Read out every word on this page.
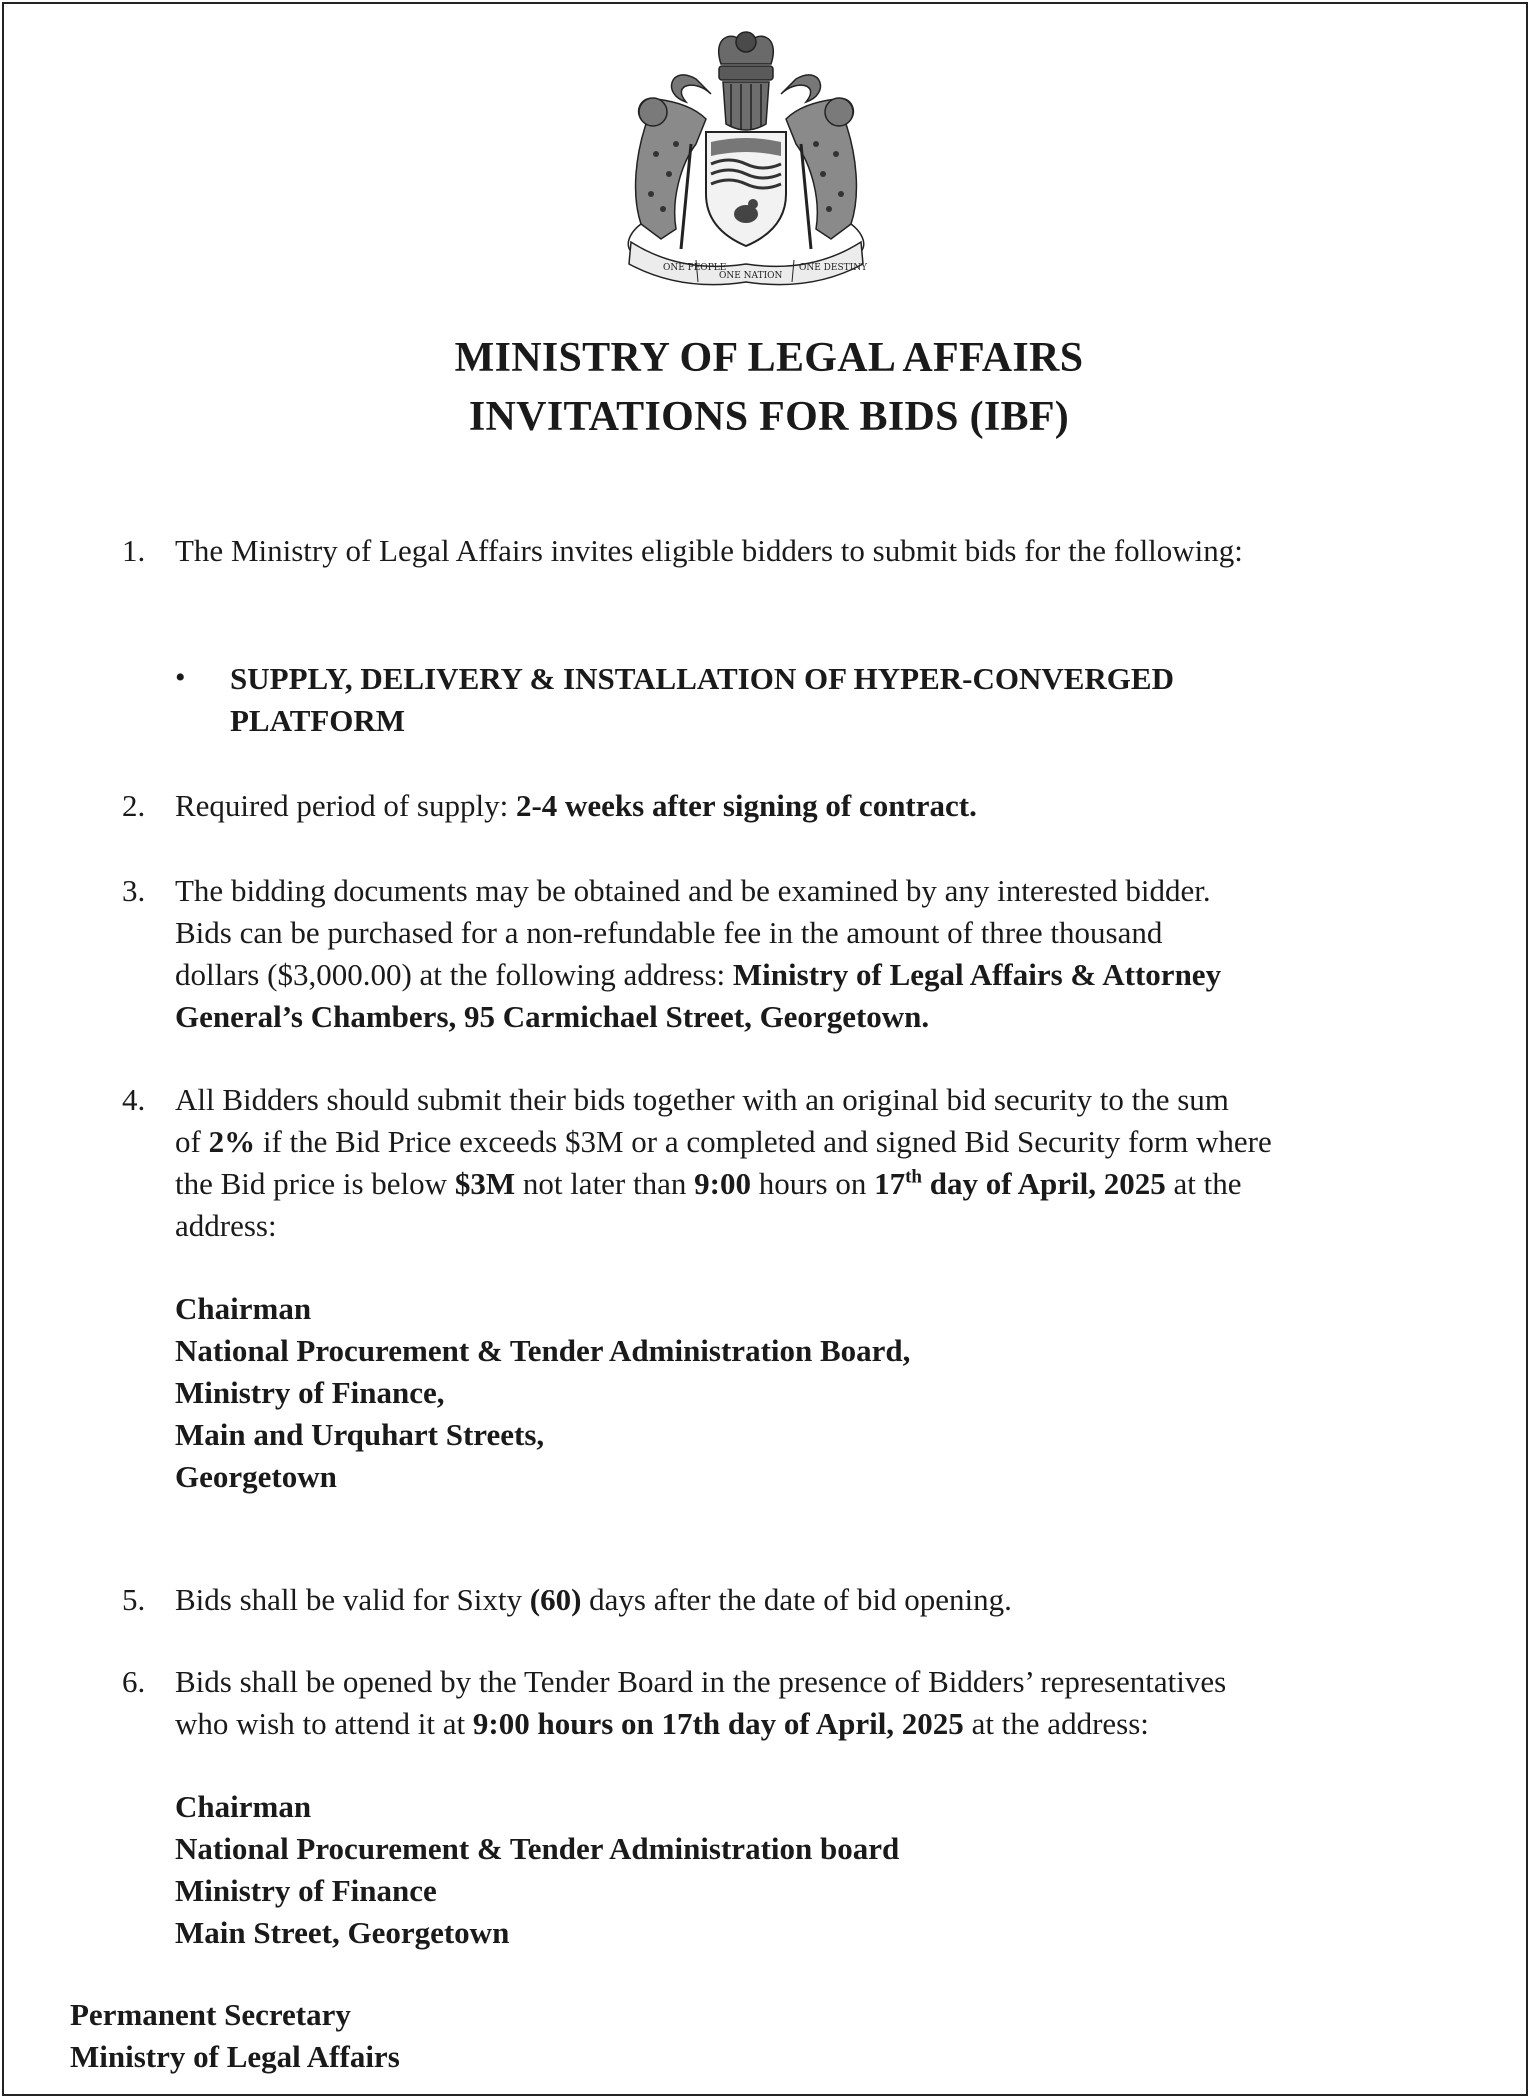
ONE PEOPLE
ONE NATION
ONE DESTINY
MINISTRY OF LEGAL AFFAIRS
INVITATIONS FOR BIDS (IBF)
1. The Ministry of Legal Affairs invites eligible bidders to submit bids for the following:
• SUPPLY, DELIVERY & INSTALLATION OF HYPER-CONVERGED
PLATFORM
2. Required period of supply: 2-4 weeks after signing of contract.
3. The bidding documents may be obtained and be examined by any interested bidder.
Bids can be purchased for a non-refundable fee in the amount of three thousand
dollars ($3,000.00) at the following address: Ministry of Legal Affairs & Attorney
General’s Chambers, 95 Carmichael Street, Georgetown.
4. All Bidders should submit their bids together with an original bid security to the sum
of 2% if the Bid Price exceeds $3M or a completed and signed Bid Security form where
the Bid price is below $3M not later than 9:00 hours on 17th day of April, 2025 at the
address:
Chairman
National Procurement & Tender Administration Board,
Ministry of Finance,
Main and Urquhart Streets,
Georgetown
5. Bids shall be valid for Sixty (60) days after the date of bid opening.
6. Bids shall be opened by the Tender Board in the presence of Bidders’ representatives
who wish to attend it at 9:00 hours on 17th day of April, 2025 at the address:
Chairman
National Procurement & Tender Administration board
Ministry of Finance
Main Street, Georgetown
Permanent Secretary
Ministry of Legal Affairs
